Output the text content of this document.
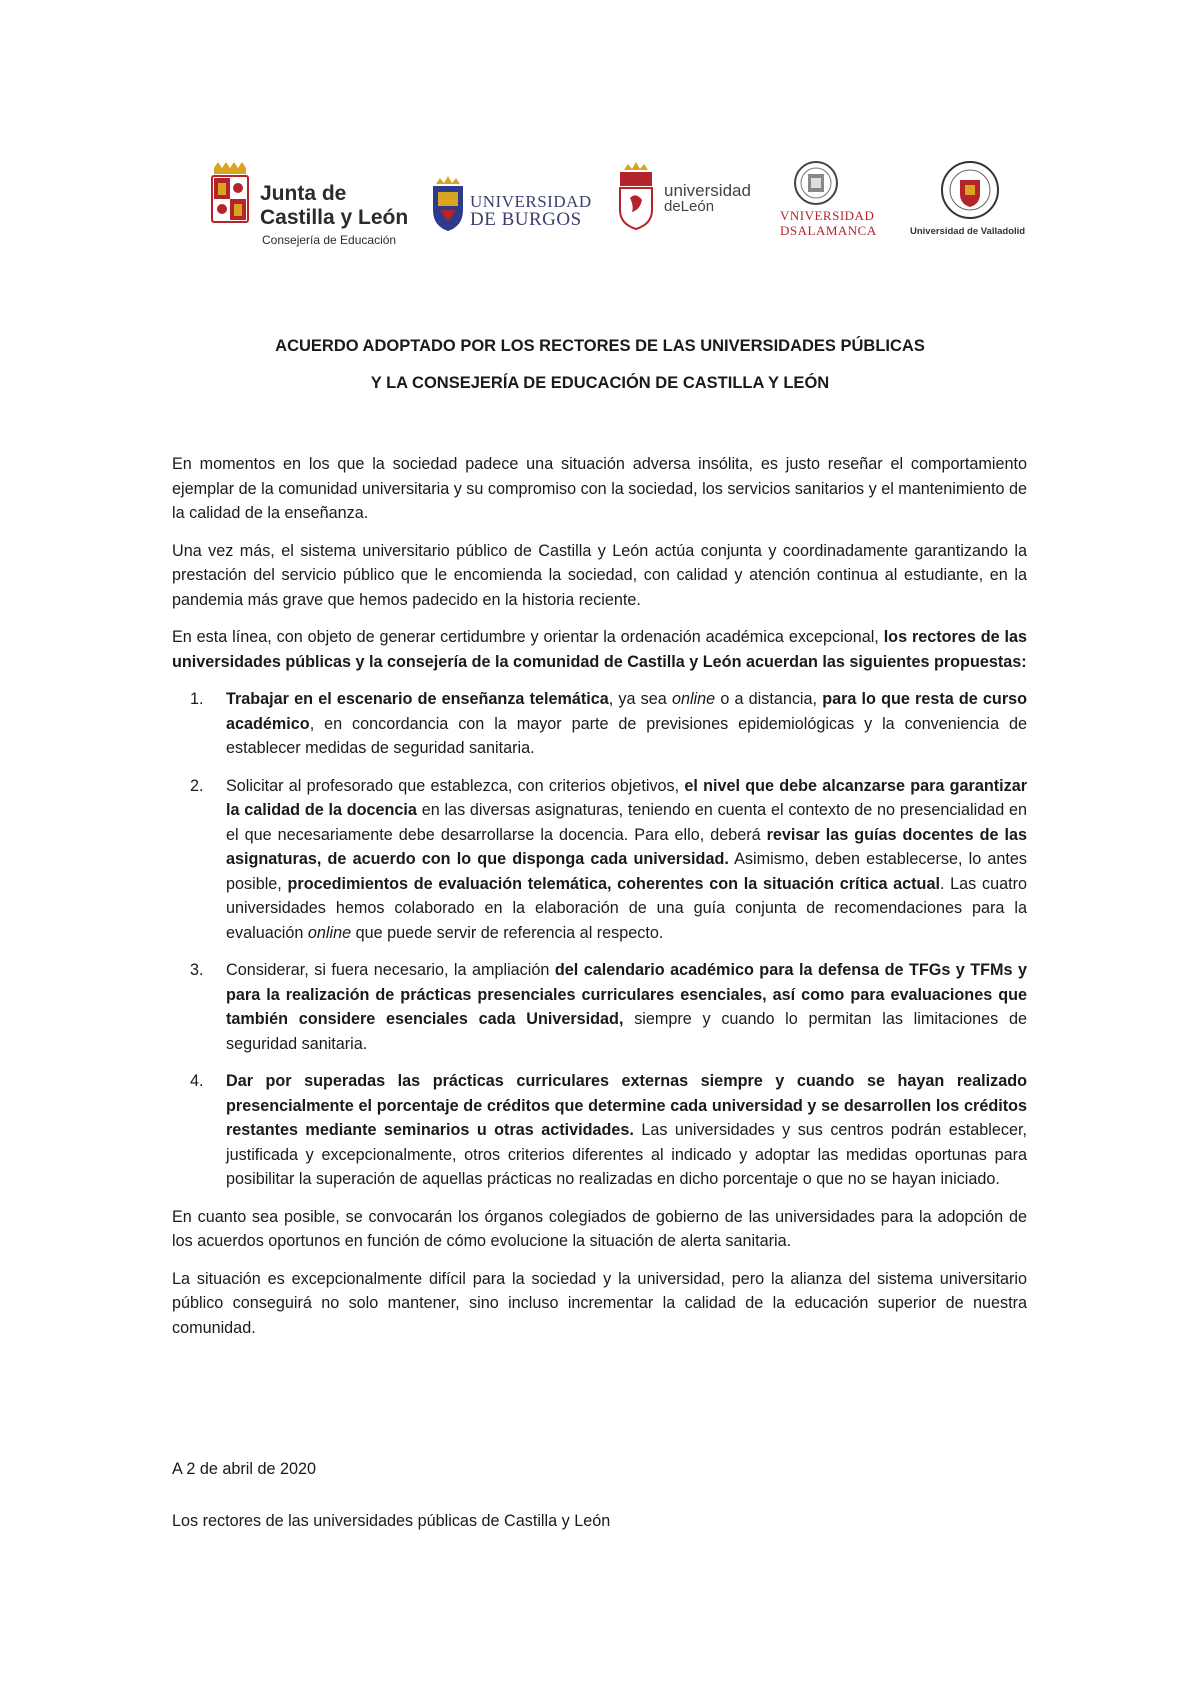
Junta de
Castilla y León
Consejería de Educación
UNIVERSIDAD
DE BURGOS
universidad
deLeón
VNIVERSIDAD
DSALAMANCA	Universidad de Valladolid
ACUERDO ADOPTADO POR LOS RECTORES DE LAS UNIVERSIDADES PÚBLICAS
Y LA CONSEJERÍA DE EDUCACIÓN DE CASTILLA Y LEÓN

En momentos en los que la sociedad padece una situación adversa insólita, es justo reseñar el comportamiento ejemplar de la comunidad universitaria y su compromiso con la sociedad, los servicios sanitarios y el mantenimiento de la calidad de la enseñanza.

Una vez más, el sistema universitario público de Castilla y León actúa conjunta y coordinadamente garantizando la prestación del servicio público que le encomienda la sociedad, con calidad y atención continua al estudiante, en la pandemia más grave que hemos padecido en la historia reciente.

En esta línea, con objeto de generar certidumbre y orientar la ordenación académica excepcional, los rectores de las universidades públicas y la consejería de la comunidad de Castilla y León acuerdan las siguientes propuestas:

1. Trabajar en el escenario de enseñanza telemática, ya sea online o a distancia, para lo que resta de curso académico, en concordancia con la mayor parte de previsiones epidemiológicas y la conveniencia de establecer medidas de seguridad sanitaria.
2. Solicitar al profesorado que establezca, con criterios objetivos, el nivel que debe alcanzarse para garantizar la calidad de la docencia en las diversas asignaturas, teniendo en cuenta el contexto de no presencialidad en el que necesariamente debe desarrollarse la docencia. Para ello, deberá revisar las guías docentes de las asignaturas, de acuerdo con lo que disponga cada universidad. Asimismo, deben establecerse, lo antes posible, procedimientos de evaluación telemática, coherentes con la situación crítica actual. Las cuatro universidades hemos colaborado en la elaboración de una guía conjunta de recomendaciones para la evaluación online que puede servir de referencia al respecto.
3. Considerar, si fuera necesario, la ampliación del calendario académico para la defensa de TFGs y TFMs y para la realización de prácticas presenciales curriculares esenciales, así como para evaluaciones que también considere esenciales cada Universidad, siempre y cuando lo permitan las limitaciones de seguridad sanitaria.
4. Dar por superadas las prácticas curriculares externas siempre y cuando se hayan realizado presencialmente el porcentaje de créditos que determine cada universidad y se desarrollen los créditos restantes mediante seminarios u otras actividades. Las universidades y sus centros podrán establecer, justificada y excepcionalmente, otros criterios diferentes al indicado y adoptar las medidas oportunas para posibilitar la superación de aquellas prácticas no realizadas en dicho porcentaje o que no se hayan iniciado.

En cuanto sea posible, se convocarán los órganos colegiados de gobierno de las universidades para la adopción de los acuerdos oportunos en función de cómo evolucione la situación de alerta sanitaria.

La situación es excepcionalmente difícil para la sociedad y la universidad, pero la alianza del sistema universitario público conseguirá no solo mantener, sino incluso incrementar la calidad de la educación superior de nuestra comunidad.

A 2 de abril de 2020
Los rectores de las universidades públicas de Castilla y León
